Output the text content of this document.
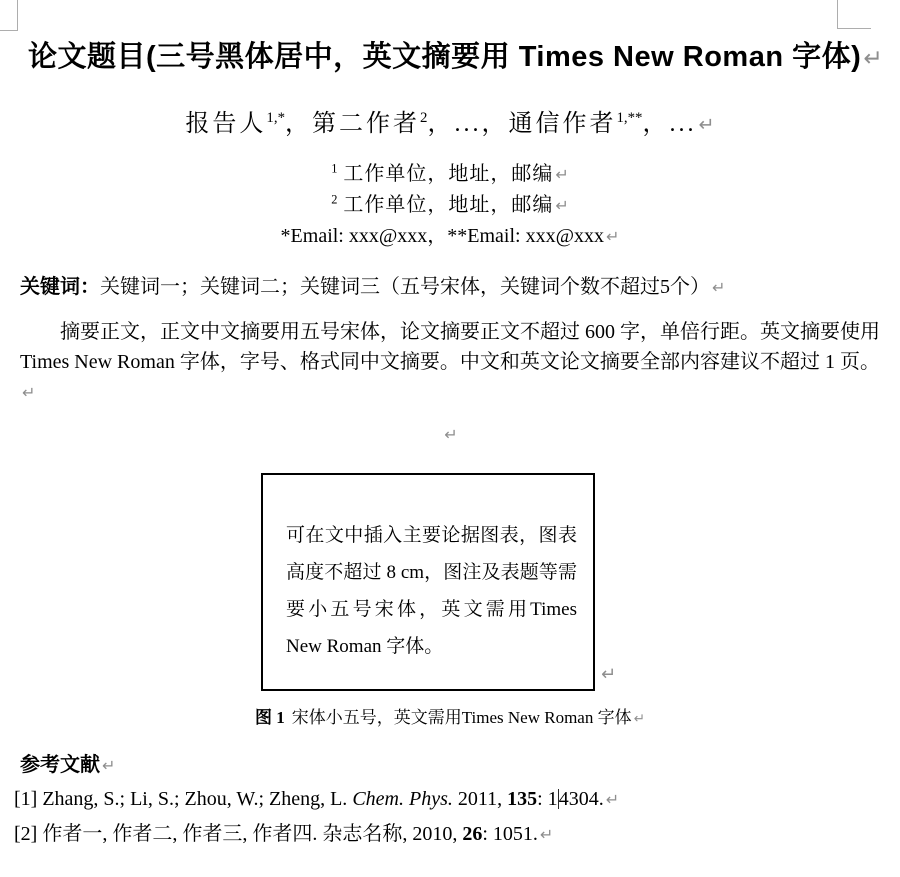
论文题目(三号黑体居中，英文摘要用 Times New Roman 字体)↵
报告人$^{1,*}$，第二作者$^2$，...，通信作者$^{1,**}$，... ↵
$^1$ 工作单位，地址，邮编 ↵
$^2$ 工作单位，地址，邮编 ↵
*Email: xxx@xxx，**Email: xxx@xxx ↵
关键词：关键词一；关键词二；关键词三（五号宋体，关键词个数不超过5个） ↵
摘要正文，正文中文摘要用五号宋体，论文摘要正文不超过 600 字，单倍行距。英文摘要使用 Times New Roman 字体，字号、格式同中文摘要。中文和英文论文摘要全部内容建议不超过 1 页。↵
↵
可在文中插入主要论据图表，图表高度不超过 8 cm，图注及表题等需要小五号宋体，英文需用Times New Roman 字体。
↵
图 1 宋体小五号，英文需用Times New Roman 字体 ↵
参考文献 ↵
[1] Zhang, S.; Li, S.; Zhou, W.; Zheng, L. Chem. Phys. 2011, 135: 14304. ↵
[2] 作者一, 作者二, 作者三, 作者四. 杂志名称, 2010, 26: 1051. ↵
